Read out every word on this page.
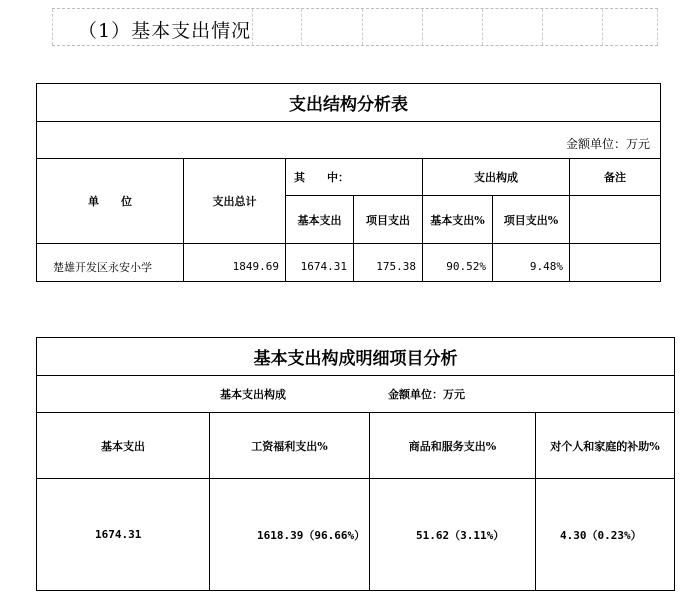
（1）基本支出情况
支出结构分析表						
金额单位：万元						
单　　位	支出总计	其　　中：		支出构成		备注
		基本支出	项目支出	基本支出%	项目支出%	
楚雄开发区永安小学	1849.69	1674.31	175.38	90.52%	9.48%	
基本支出构成明细项目分析			
基本支出构成 金额单位：万元			
基本支出	工资福利支出%	商品和服务支出%	对个人和家庭的补助%
1674.31	1618.39（96.66%）	51.62（3.11%）	4.30（0.23%）
